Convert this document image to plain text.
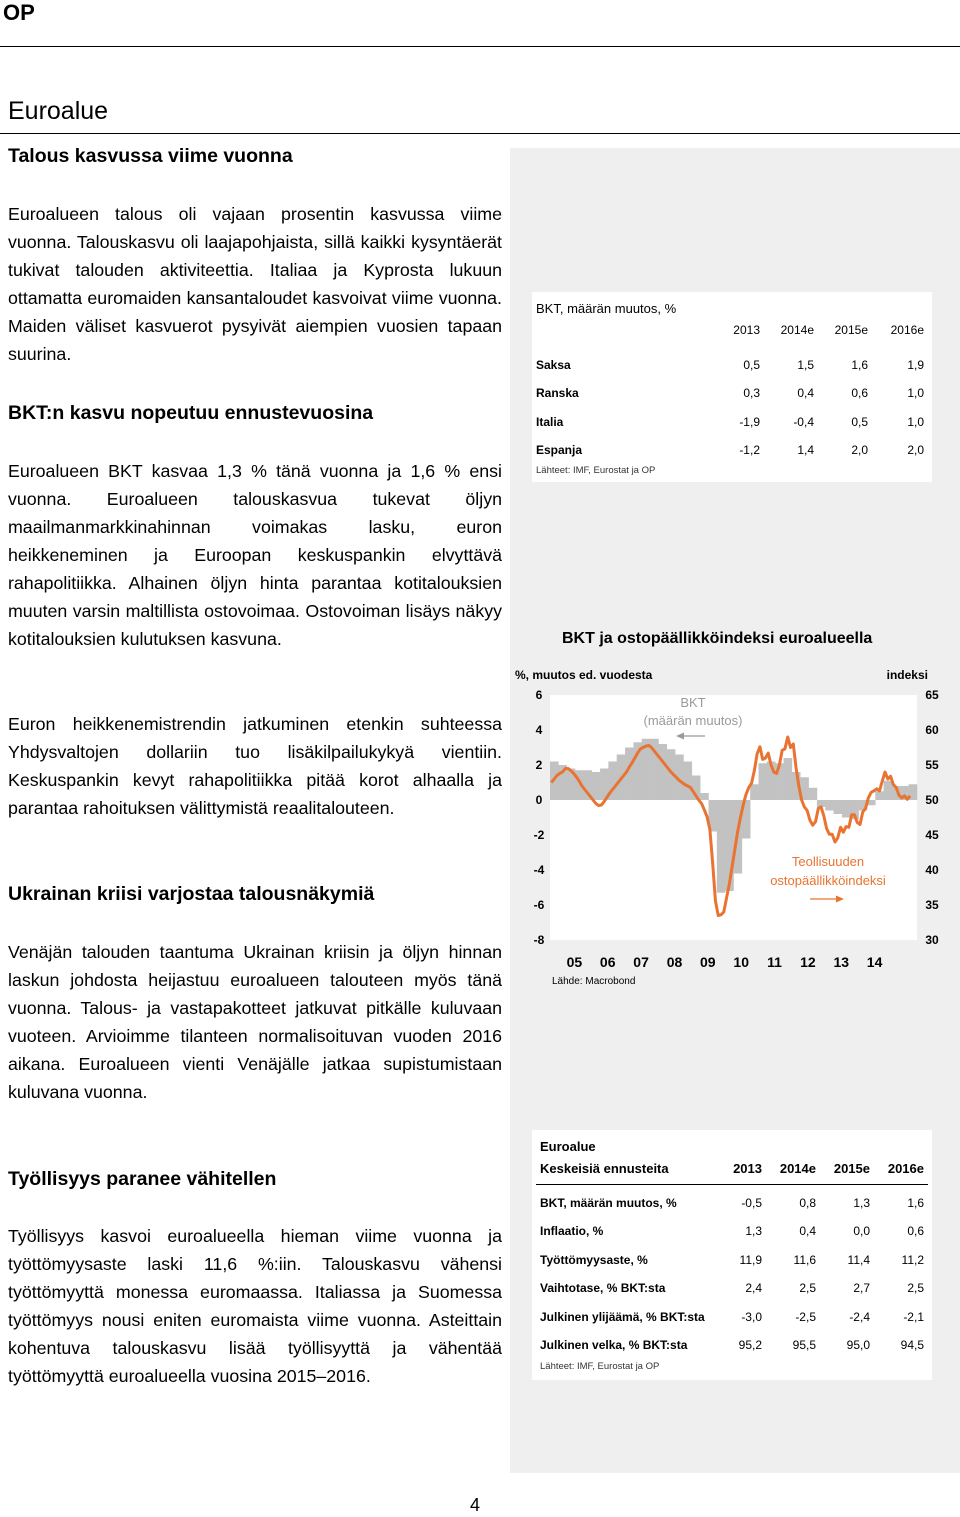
OP
Euroalue
Talous kasvussa viime vuonna
Euroalueen talous oli vajaan prosentin kasvussa viime vuonna. Talouskasvu oli laajapohjaista, sillä kaikki kysyntäerät tukivat talouden aktiviteettia. Italiaa ja Kyprosta lukuun ottamatta euromaiden kansantaloudet kasvoivat viime vuonna. Maiden väliset kasvuerot pysyivät aiempien vuosien tapaan suurina.
BKT:n kasvu nopeutuu ennustevuosina
Euroalueen BKT kasvaa 1,3 % tänä vuonna ja 1,6 % ensi vuonna. Euroalueen talouskasvua tukevat öljyn maailmanmarkkinahinnan voimakas lasku, euron heikkeneminen ja Euroopan keskuspankin elvyttävä rahapolitiikka. Alhainen öljyn hinta parantaa kotitalouksien muuten varsin maltillista ostovoimaa. Ostovoiman lisäys näkyy kotitalouksien kulutuksen kasvuna.
Euron heikkenemistrendin jatkuminen etenkin suhteessa Yhdysvaltojen dollariin tuo lisäkilpailukykyä vientiin. Keskuspankin kevyt rahapolitiikka pitää korot alhaalla ja parantaa rahoituksen välittymistä reaalitalouteen.
Ukrainan kriisi varjostaa talousnäkymiä
Venäjän talouden taantuma Ukrainan kriisin ja öljyn hinnan laskun johdosta heijastuu euroalueen talouteen myös tänä vuonna. Talous- ja vastapakotteet jatkuvat pitkälle kuluvaan vuoteen. Arvioimme tilanteen normalisoituvan vuoden 2016 aikana. Euroalueen vienti Venäjälle jatkaa supistumistaan kuluvana vuonna.
Työllisyys paranee vähitellen
Työllisyys kasvoi euroalueella hieman viime vuonna ja työttömyysaste laski 11,6 %:iin. Talouskasvu vähensi työttömyyttä monessa euromaassa. Italiassa ja Suomessa työttömyys nousi eniten euromaista viime vuonna. Asteittain kohentuva talouskasvu lisää työllisyyttä ja vähentää työttömyyttä euroalueella vuosina 2015–2016.
BKT, määrän muutos, %
2013	2014e	2015e	2016e
Saksa	0,5	1,5	1,6	1,9
Ranska	0,3	0,4	0,6	1,0
Italia	-1,9	-0,4	0,5	1,0
Espanja	-1,2	1,4	2,0	2,0
Lähteet: IMF, Eurostat ja OP
BKT ja ostopäällikköindeksi euroalueella
%, muutos ed. vuodesta	indeksi
6
4
2
0
-2
-4
-6
-8
65
60
55
50
45
40
35
30
05 06 07 08 09 10 11 12 13 14
BKT
(määrän muutos)
Teollisuuden
ostopäällikköindeksi
Lähde: Macrobond
Euroalue
Keskeisiä ennusteita	2013	2014e	2015e	2016e
BKT, määrän muutos, %	-0,5	0,8	1,3	1,6
Inflaatio, %	1,3	0,4	0,0	0,6
Työttömyysaste, %	11,9	11,6	11,4	11,2
Vaihtotase, % BKT:sta	2,4	2,5	2,7	2,5
Julkinen ylijäämä, % BKT:sta	-3,0	-2,5	-2,4	-2,1
Julkinen velka, % BKT:sta	95,2	95,5	95,0	94,5
Lähteet: IMF, Eurostat ja OP
4
